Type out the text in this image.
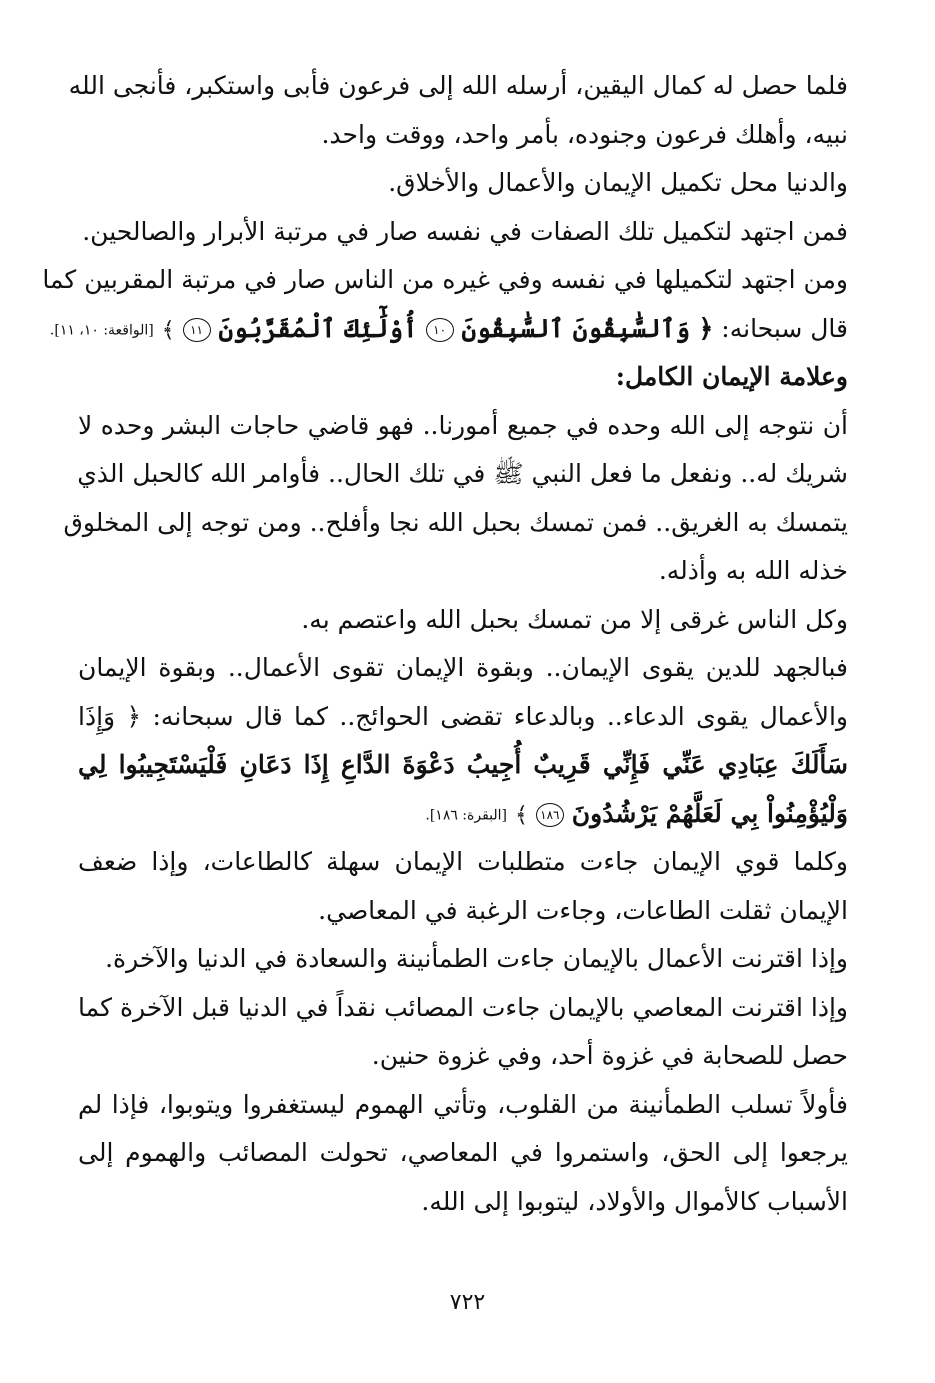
فلما حصل له كمال اليقين، أرسله الله إلى فرعون فأبى واستكبر، فأنجى الله
نبيه، وأهلك فرعون وجنوده، بأمر واحد، ووقت واحد.
والدنيا محل تكميل الإيمان والأعمال والأخلاق.
فمن اجتهد لتكميل تلك الصفات في نفسه صار في مرتبة الأبرار والصالحين.
ومن اجتهد لتكميلها في نفسه وفي غيره من الناس صار في مرتبة المقربين كما
قال سبحانه: ﴿ وَٱلسَّٰبِقُونَ ٱلسَّٰبِقُونَ ١٠ أُوْلَٰٓئِكَ ٱلْمُقَرَّبُونَ ١١ ﴾ [الواقعة: ١٠، ١١].
وعلامة الإيمان الكامل:
أن نتوجه إلى الله وحده في جميع أمورنا.. فهو قاضي حاجات البشر وحده لا
شريك له.. ونفعل ما فعل النبي ﷺ في تلك الحال.. فأوامر الله كالحبل الذي
يتمسك به الغريق.. فمن تمسك بحبل الله نجا وأفلح.. ومن توجه إلى المخلوق
خذله الله به وأذله.
وكل الناس غرقى إلا من تمسك بحبل الله واعتصم به.
فبالجهد للدين يقوى الإيمان.. وبقوة الإيمان تقوى الأعمال.. وبقوة الإيمان
والأعمال يقوى الدعاء.. وبالدعاء تقضى الحوائج.. كما قال سبحانه: ﴿ وَإِذَا
سَأَلَكَ عِبَادِي عَنِّي فَإِنِّي قَرِيبٌ أُجِيبُ دَعْوَةَ الدَّاعِ إِذَا دَعَانِ فَلْيَسْتَجِيبُوا لِي
وَلْيُؤْمِنُواْ بِي لَعَلَّهُمْ يَرْشُدُونَ ١٨٦ ﴾ [البقرة: ١٨٦].
وكلما قوي الإيمان جاءت متطلبات الإيمان سهلة كالطاعات، وإذا ضعف
الإيمان ثقلت الطاعات، وجاءت الرغبة في المعاصي.
وإذا اقترنت الأعمال بالإيمان جاءت الطمأنينة والسعادة في الدنيا والآخرة.
وإذا اقترنت المعاصي بالإيمان جاءت المصائب نقداً في الدنيا قبل الآخرة كما
حصل للصحابة في غزوة أحد، وفي غزوة حنين.
فأولاً تسلب الطمأنينة من القلوب، وتأتي الهموم ليستغفروا ويتوبوا، فإذا لم
يرجعوا إلى الحق، واستمروا في المعاصي، تحولت المصائب والهموم إلى
الأسباب كالأموال والأولاد، ليتوبوا إلى الله.
٧٢٢
